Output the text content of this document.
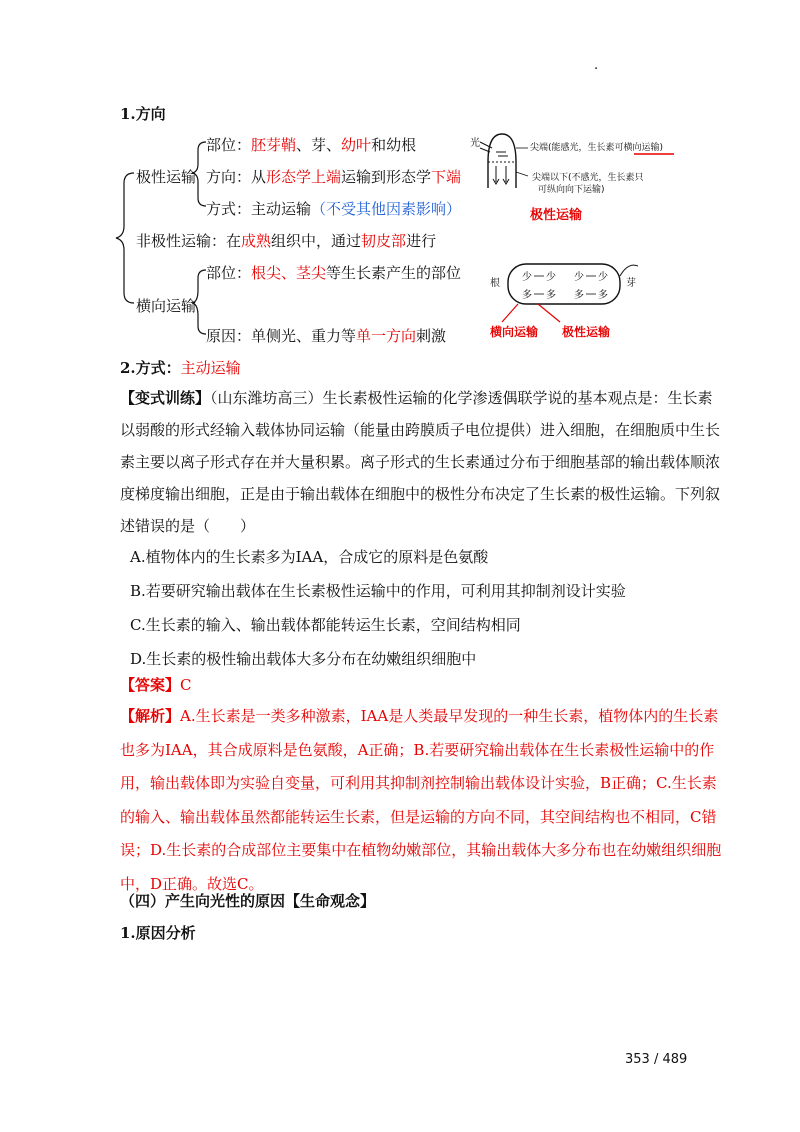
.
1.方向
极性运输
部位：胚芽鞘、芽、幼叶和幼根
方向：从形态学上端运输到形态学下端
方式：主动运输（不受其他因素影响）
非极性运输：在成熟组织中，通过韧皮部进行
横向运输
部位：根尖、茎尖等生长素产生的部位
原因：单侧光、重力等单一方向刺激
光	尖端(能感光，生长素可横向运输)
尖端以下(不感光，生长素只
可纵向向下运输)
极性运输
根	芽
少 少 少 少
多 多 多 多
横向运输 极性运输
2.方式：主动运输
【变式训练】（山东潍坊高三）生长素极性运输的化学渗透偶联学说的基本观点是：生长素
以弱酸的形式经输入载体协同运输（能量由跨膜质子电位提供）进入细胞，在细胞质中生长
素主要以离子形式存在并大量积累。离子形式的生长素通过分布于细胞基部的输出载体顺浓
度梯度输出细胞，正是由于输出载体在细胞中的极性分布决定了生长素的极性运输。下列叙
述错误的是（　　）
A.植物体内的生长素多为IAA，合成它的原料是色氨酸
B.若要研究输出载体在生长素极性运输中的作用，可利用其抑制剂设计实验
C.生长素的输入、输出载体都能转运生长素，空间结构相同
D.生长素的极性输出载体大多分布在幼嫩组织细胞中
【答案】C
【解析】A.生长素是一类多种激素，IAA是人类最早发现的一种生长素，植物体内的生长素
也多为IAA，其合成原料是色氨酸，A正确；B.若要研究输出载体在生长素极性运输中的作
用，输出载体即为实验自变量，可利用其抑制剂控制输出载体设计实验，B正确；C.生长素
的输入、输出载体虽然都能转运生长素，但是运输的方向不同，其空间结构也不相同，C错
误；D.生长素的合成部位主要集中在植物幼嫩部位，其输出载体大多分布也在幼嫩组织细胞
中，D正确。故选C。
（四）产生向光性的原因【生命观念】
1.原因分析
353 / 489
